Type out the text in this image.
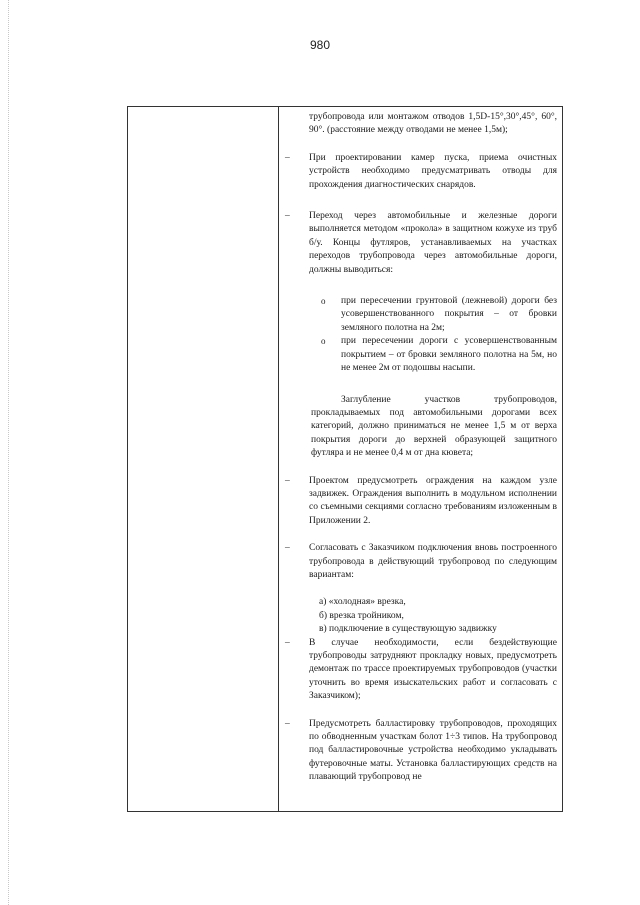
980
трубопровода или монтажом отводов 1,5D-15°,30°,45°, 60°, 90°. (расстояние между отводами не менее 1,5м);
– При проектировании камер пуска, приема очистных устройств необходимо предусматривать отводы для прохождения диагностических снарядов.
– Переход через автомобильные и железные дороги выполняется методом «прокола» в защитном кожухе из труб б/у. Концы футляров, устанавливаемых на участках переходов трубопровода через автомобильные дороги, должны выводиться:
o при пересечении грунтовой (лежневой) дороги без усовершенствованного покрытия – от бровки земляного полотна на 2м;
o при пересечении дороги с усовершенствованным покрытием – от бровки земляного полотна на 5м, но не менее 2м от подошвы насыпи.
Заглубление участков трубопроводов, прокладываемых под автомобильными дорогами всех категорий, должно приниматься не менее 1,5 м от верха покрытия дороги до верхней образующей защитного футляра и не менее 0,4 м от дна кювета;
– Проектом предусмотреть ограждения на каждом узле задвижек. Ограждения выполнить в модульном исполнении со съемными секциями согласно требованиям изложенным в Приложении 2.
– Согласовать с Заказчиком подключения вновь построенного трубопровода в действующий трубопровод по следующим вариантам:
а) «холодная» врезка,
б) врезка тройником,
в) подключение в существующую задвижку
– В случае необходимости, если бездействующие трубопроводы затрудняют прокладку новых, предусмотреть демонтаж по трассе проектируемых трубопроводов (участки уточнить во время изыскательских работ и согласовать с Заказчиком);
– Предусмотреть балластировку трубопроводов, проходящих по обводненным участкам болот 1÷3 типов. На трубопровод под балластировочные устройства необходимо укладывать футеровочные маты. Установка балластирующих средств на плавающий трубопровод не
